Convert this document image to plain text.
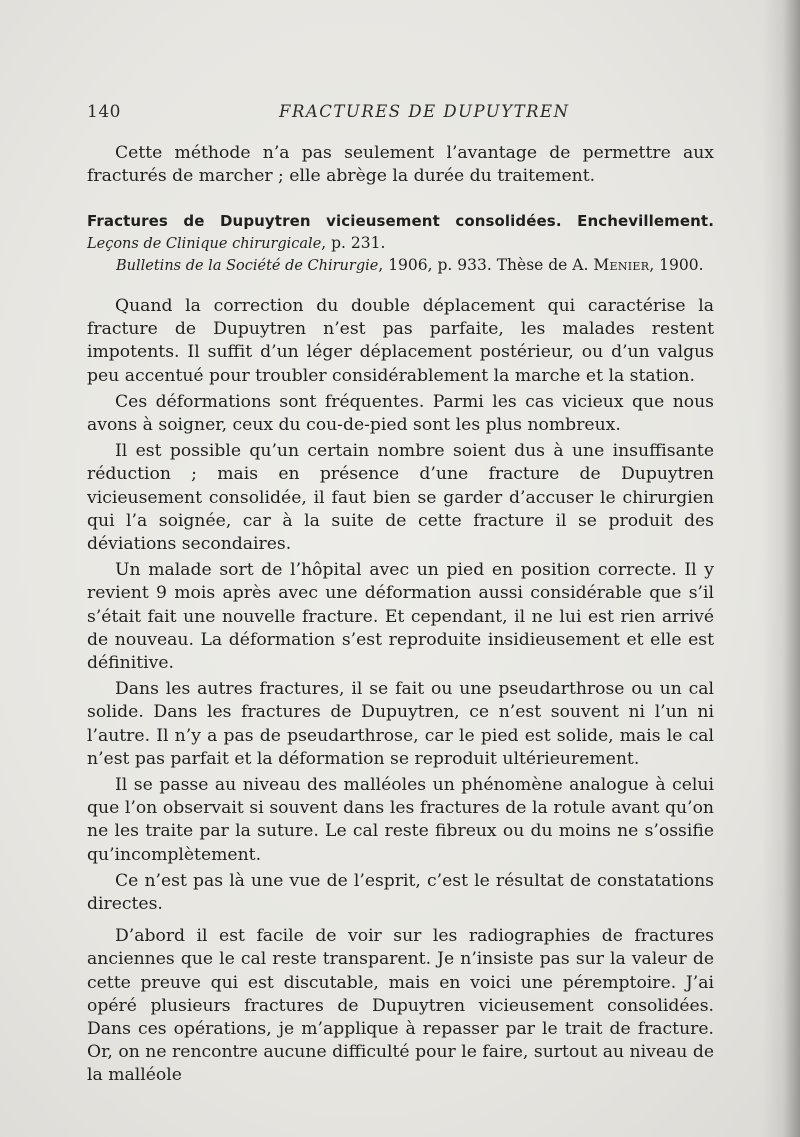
140	FRACTURES DE DUPUYTREN

Cette méthode n’a pas seulement l’avantage de permettre aux fracturés de marcher ; elle abrège la durée du traitement.

Fractures de Dupuytren vicieusement consolidées. Enchevillement. Leçons de Clinique chirurgicale, p. 231.
Bulletins de la Société de Chirurgie, 1906, p. 933. Thèse de A. Menier, 1900.

Quand la correction du double déplacement qui caractérise la fracture de Dupuytren n’est pas parfaite, les malades restent impotents. Il suffit d’un léger déplacement postérieur, ou d’un valgus peu accentué pour troubler considérablement la marche et la station.

Ces déformations sont fréquentes. Parmi les cas vicieux que nous avons à soigner, ceux du cou-de-pied sont les plus nombreux.

Il est possible qu’un certain nombre soient dus à une insuffisante réduction ; mais en présence d’une fracture de Dupuytren vicieusement consolidée, il faut bien se garder d’accuser le chirurgien qui l’a soignée, car à la suite de cette fracture il se produit des déviations secondaires.

Un malade sort de l’hôpital avec un pied en position correcte. Il y revient 9 mois après avec une déformation aussi considérable que s’il s’était fait une nouvelle fracture. Et cependant, il ne lui est rien arrivé de nouveau. La déformation s’est reproduite insidieusement et elle est définitive.

Dans les autres fractures, il se fait ou une pseudarthrose ou un cal solide. Dans les fractures de Dupuytren, ce n’est souvent ni l’un ni l’autre. Il n’y a pas de pseudarthrose, car le pied est solide, mais le cal n’est pas parfait et la déformation se reproduit ultérieurement.

Il se passe au niveau des malléoles un phénomène analogue à celui que l’on observait si souvent dans les fractures de la rotule avant qu’on ne les traite par la suture. Le cal reste fibreux ou du moins ne s’ossifie qu’incomplètement.

Ce n’est pas là une vue de l’esprit, c’est le résultat de constatations directes.

D’abord il est facile de voir sur les radiographies de fractures anciennes que le cal reste transparent. Je n’insiste pas sur la valeur de cette preuve qui est discutable, mais en voici une péremptoire. J’ai opéré plusieurs fractures de Dupuytren vicieusement consolidées. Dans ces opérations, je m’applique à repasser par le trait de fracture. Or, on ne rencontre aucune difficulté pour le faire, surtout au niveau de la malléole
